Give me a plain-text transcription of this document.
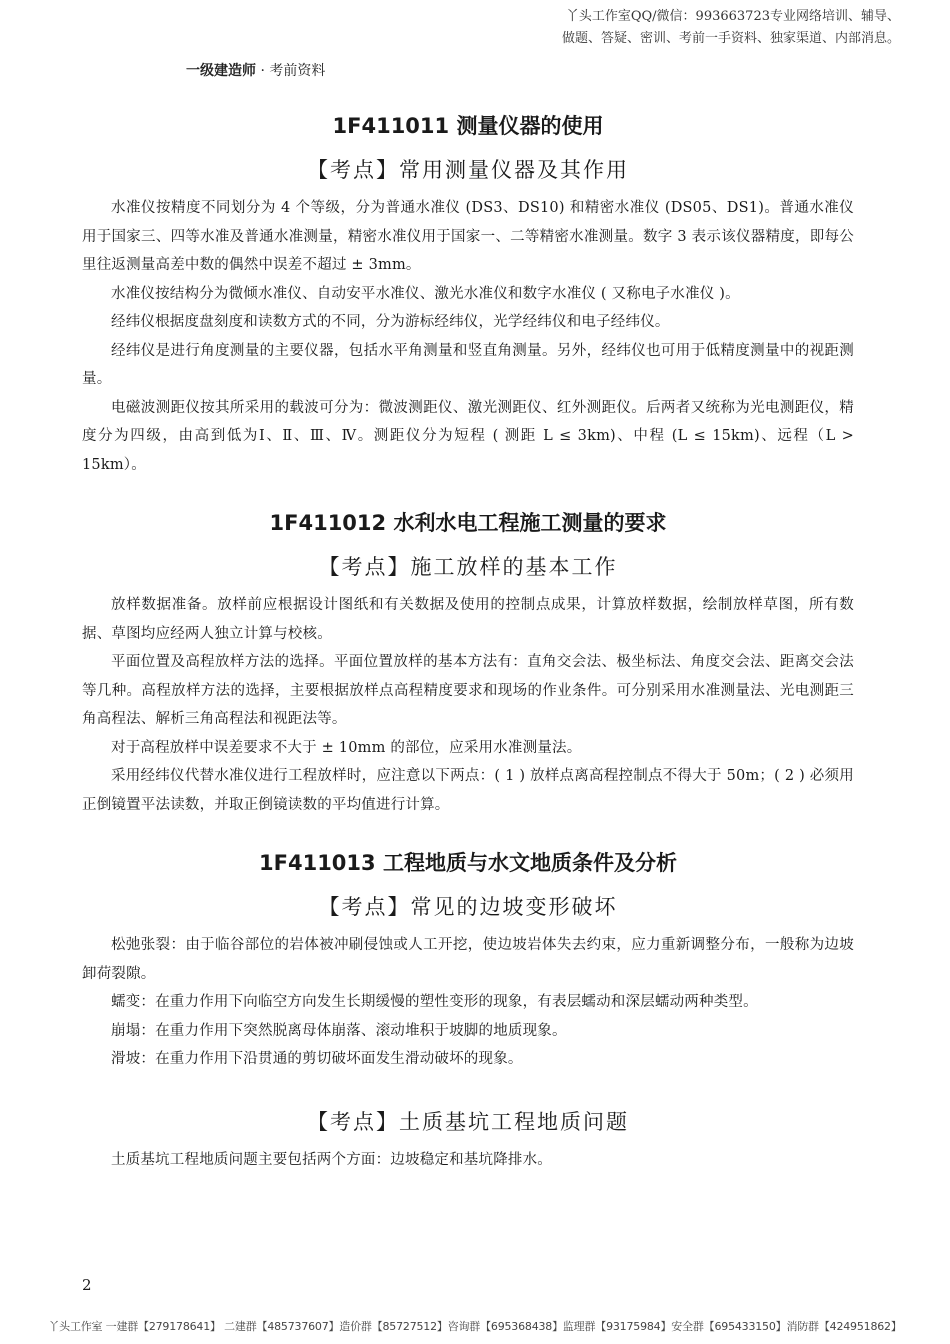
丫头工作室QQ/微信：993663723专业网络培训、辅导、
做题、答疑、密训、考前一手资料、独家渠道、内部消息。
一级建造师 · 考前资料
1F411011 测量仪器的使用
【考点】常用测量仪器及其作用

水准仪按精度不同划分为 4 个等级，分为普通水准仪 (DS3、DS10) 和精密水准仪 (DS05、DS1)。普通水准仪用于国家三、四等水准及普通水准测量，精密水准仪用于国家一、二等精密水准测量。数字 3 表示该仪器精度，即每公里往返测量高差中数的偶然中误差不超过 ± 3mm。

水准仪按结构分为微倾水准仪、自动安平水准仪、激光水准仪和数字水准仪 ( 又称电子水准仪 )。

经纬仪根据度盘刻度和读数方式的不同，分为游标经纬仪，光学经纬仪和电子经纬仪。

经纬仪是进行角度测量的主要仪器，包括水平角测量和竖直角测量。另外，经纬仪也可用于低精度测量中的视距测量。

电磁波测距仪按其所采用的载波可分为：微波测距仪、激光测距仪、红外测距仪。后两者又统称为光电测距仪，精度分为四级，由高到低为Ⅰ、Ⅱ、Ⅲ、Ⅳ。测距仪分为短程 ( 测距 L ≤ 3km)、中程 (L ≤ 15km)、远程（L > 15km）。

1F411012 水利水电工程施工测量的要求
【考点】施工放样的基本工作

放样数据准备。放样前应根据设计图纸和有关数据及使用的控制点成果，计算放样数据，绘制放样草图，所有数据、草图均应经两人独立计算与校核。

平面位置及高程放样方法的选择。平面位置放样的基本方法有：直角交会法、极坐标法、角度交会法、距离交会法等几种。高程放样方法的选择，主要根据放样点高程精度要求和现场的作业条件。可分别采用水准测量法、光电测距三角高程法、解析三角高程法和视距法等。

对于高程放样中误差要求不大于 ± 10mm 的部位，应采用水准测量法。

采用经纬仪代替水准仪进行工程放样时，应注意以下两点：( 1 ) 放样点离高程控制点不得大于 50m；( 2 ) 必须用正倒镜置平法读数，并取正倒镜读数的平均值进行计算。

1F411013 工程地质与水文地质条件及分析
【考点】常见的边坡变形破坏

松弛张裂：由于临谷部位的岩体被冲刷侵蚀或人工开挖，使边坡岩体失去约束，应力重新调整分布，一般称为边坡卸荷裂隙。

蠕变：在重力作用下向临空方向发生长期缓慢的塑性变形的现象，有表层蠕动和深层蠕动两种类型。

崩塌：在重力作用下突然脱离母体崩落、滚动堆积于坡脚的地质现象。

滑坡：在重力作用下沿贯通的剪切破坏面发生滑动破坏的现象。

【考点】土质基坑工程地质问题

土质基坑工程地质问题主要包括两个方面：边坡稳定和基坑降排水。

2
丫头工作室 一建群【279178641】 二建群【485737607】造价群【85727512】咨询群【695368438】监理群【93175984】安全群【695433150】消防群【424951862】
